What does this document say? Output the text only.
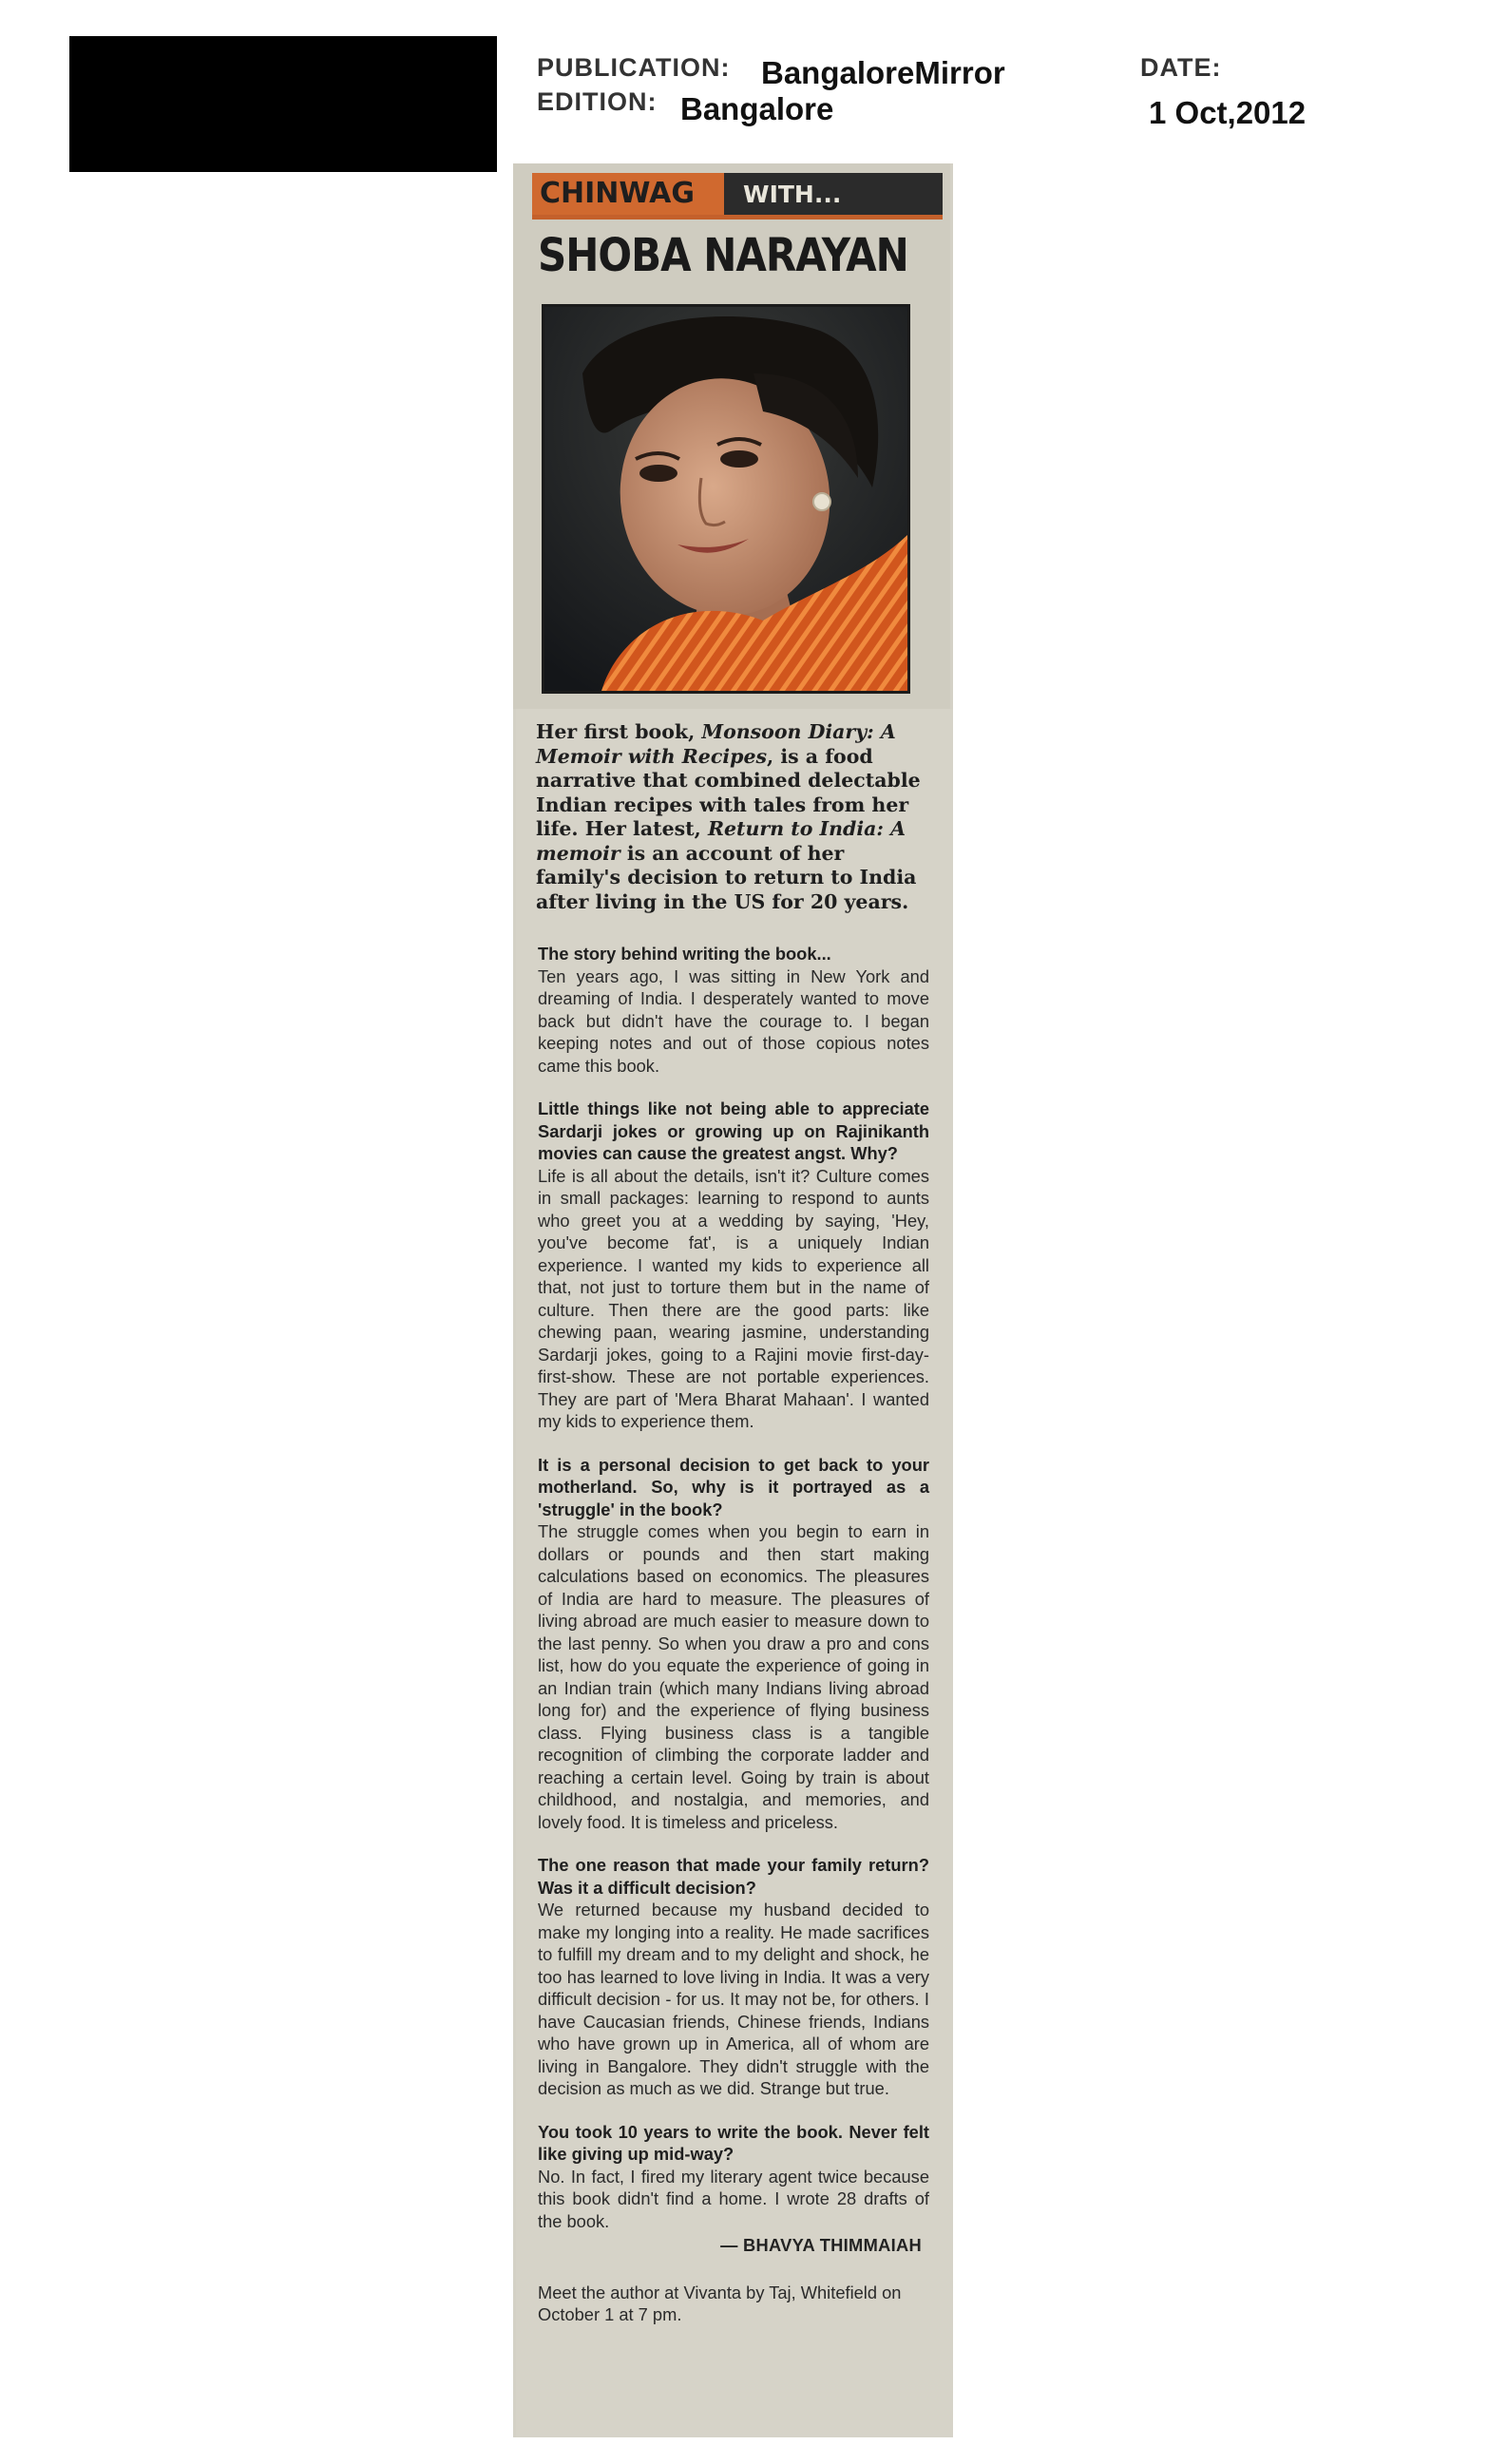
PUBLICATION: BangaloreMirror
EDITION: Bangalore
DATE:
1 Oct,2012
CHINWAG WITH...
SHOBA NARAYAN
Her first book, Monsoon Diary: A Memoir with Recipes, is a food narrative that combined delectable Indian recipes with tales from her life. Her latest, Return to India: A memoir is an account of her family's decision to return to India after living in the US for 20 years.

The story behind writing the book...

Ten years ago, I was sitting in New York and dreaming of India. I desperately wanted to move back but didn't have the courage to. I began keeping notes and out of those copious notes came this book.

Little things like not being able to appreciate Sardarji jokes or growing up on Rajinikanth movies can cause the greatest angst. Why?

Life is all about the details, isn't it? Culture comes in small packages: learning to respond to aunts who greet you at a wedding by saying, 'Hey, you've become fat', is a uniquely Indian experience. I wanted my kids to experience all that, not just to torture them but in the name of culture. Then there are the good parts: like chewing paan, wearing jasmine, understanding Sardarji jokes, going to a Rajini movie first-day-first-show. These are not portable experiences. They are part of 'Mera Bharat Mahaan'. I wanted my kids to experience them.

It is a personal decision to get back to your motherland. So, why is it portrayed as a 'struggle' in the book?

The struggle comes when you begin to earn in dollars or pounds and then start making calculations based on economics. The pleasures of India are hard to measure. The pleasures of living abroad are much easier to measure down to the last penny. So when you draw a pro and cons list, how do you equate the experience of going in an Indian train (which many Indians living abroad long for) and the experience of flying business class. Flying business class is a tangible recognition of climbing the corporate ladder and reaching a certain level. Going by train is about childhood, and nostalgia, and memories, and lovely food. It is timeless and priceless.

The one reason that made your family return? Was it a difficult decision?

We returned because my husband decided to make my longing into a reality. He made sacrifices to fulfill my dream and to my delight and shock, he too has learned to love living in India. It was a very difficult decision - for us. It may not be, for others. I have Caucasian friends, Chinese friends, Indians who have grown up in America, all of whom are living in Bangalore. They didn't struggle with the decision as much as we did. Strange but true.

You took 10 years to write the book. Never felt like giving up mid-way?

No. In fact, I fired my literary agent twice because this book didn't find a home. I wrote 28 drafts of the book.

— BHAVYA THIMMAIAH

Meet the author at Vivanta by Taj, Whitefield on October 1 at 7 pm.
